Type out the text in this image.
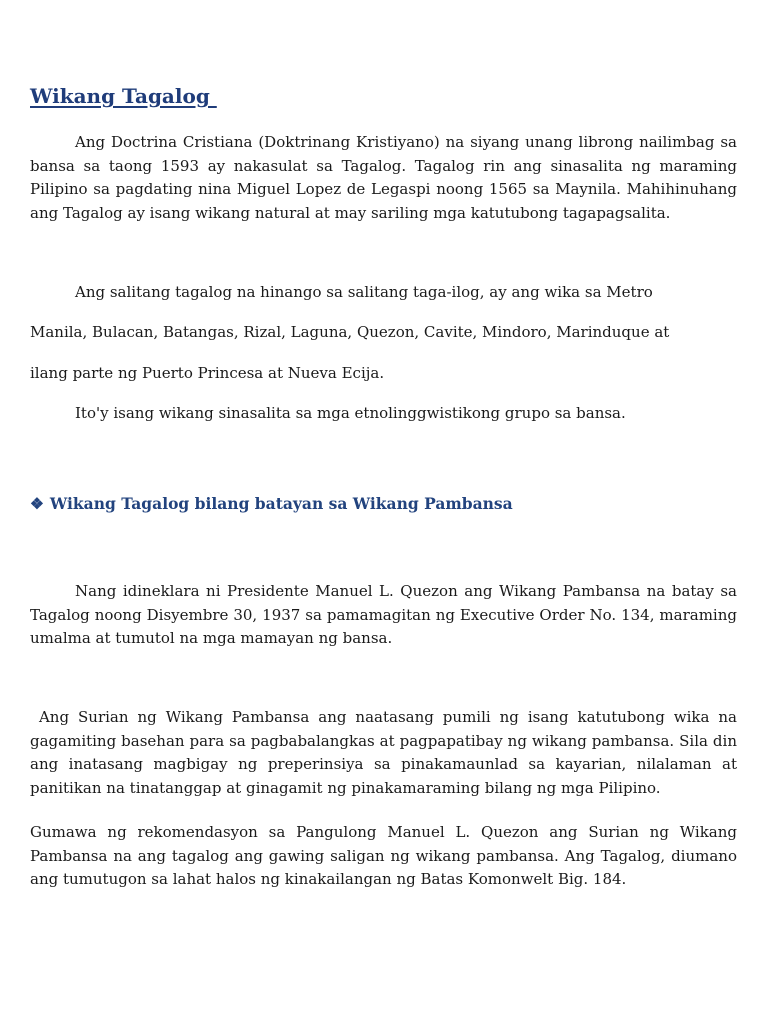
Wikang Tagalog

Ang Doctrina Cristiana (Doktrinang Kristiyano) na siyang unang librong nailimbag sa bansa sa taong 1593 ay nakasulat sa Tagalog. Tagalog rin ang sinasalita ng maraming Pilipino sa pagdating nina Miguel Lopez de Legaspi noong 1565 sa Maynila. Mahihinuhang ang Tagalog ay isang wikang natural at may sariling mga katutubong tagapagsalita.

Ang salitang tagalog na hinango sa salitang taga-ilog, ay ang wika sa Metro

Manila, Bulacan, Batangas, Rizal, Laguna, Quezon, Cavite, Mindoro, Marinduque at

ilang parte ng Puerto Princesa at Nueva Ecija.

Ito'y isang wikang sinasalita sa mga etnolinggwistikong grupo sa bansa.

❖ Wikang Tagalog bilang batayan sa Wikang Pambansa

Nang idineklara ni Presidente Manuel L. Quezon ang Wikang Pambansa na batay sa Tagalog noong Disyembre 30, 1937 sa pamamagitan ng Executive Order No. 134, maraming umalma at tumutol na mga mamayan ng bansa.

Ang Surian ng Wikang Pambansa ang naatasang pumili ng isang katutubong wika na gagamiting basehan para sa pagbabalangkas at pagpapatibay ng wikang pambansa. Sila din ang inatasang magbigay ng preperinsiya sa pinakamaunlad sa kayarian, nilalaman at panitikan na tinatanggap at ginagamit ng pinakamaraming bilang ng mga Pilipino.

Gumawa ng rekomendasyon sa Pangulong Manuel L. Quezon ang Surian ng Wikang Pambansa na ang tagalog ang gawing saligan ng wikang pambansa. Ang Tagalog, diumano ang tumutugon sa lahat halos ng kinakailangan ng Batas Komonwelt Big. 184.
